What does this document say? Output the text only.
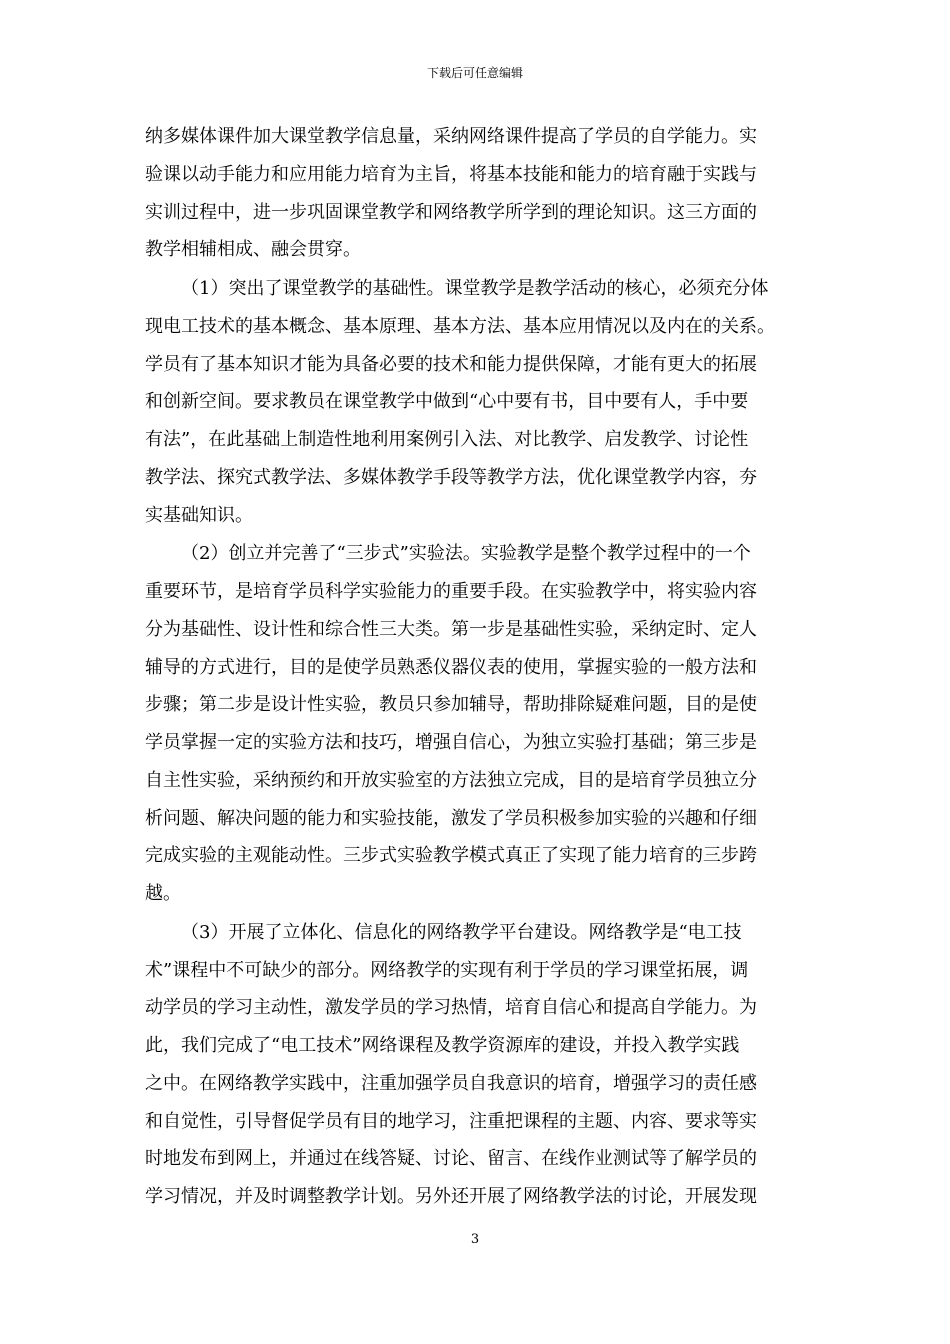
下载后可任意编辑
纳多媒体课件加大课堂教学信息量，采纳网络课件提高了学员的自学能力。实
验课以动手能力和应用能力培育为主旨，将基本技能和能力的培育融于实践与
实训过程中，进一步巩固课堂教学和网络教学所学到的理论知识。这三方面的
教学相辅相成、融会贯穿。
（1）突出了课堂教学的基础性。课堂教学是教学活动的核心，必须充分体
现电工技术的基本概念、基本原理、基本方法、基本应用情况以及内在的关系。
学员有了基本知识才能为具备必要的技术和能力提供保障，才能有更大的拓展
和创新空间。要求教员在课堂教学中做到“心中要有书，目中要有人，手中要
有法”，在此基础上制造性地利用案例引入法、对比教学、启发教学、讨论性
教学法、探究式教学法、多媒体教学手段等教学方法，优化课堂教学内容，夯
实基础知识。
（2）创立并完善了“三步式”实验法。实验教学是整个教学过程中的一个
重要环节，是培育学员科学实验能力的重要手段。在实验教学中，将实验内容
分为基础性、设计性和综合性三大类。第一步是基础性实验，采纳定时、定人
辅导的方式进行，目的是使学员熟悉仪器仪表的使用，掌握实验的一般方法和
步骤；第二步是设计性实验，教员只参加辅导，帮助排除疑难问题，目的是使
学员掌握一定的实验方法和技巧，增强自信心，为独立实验打基础；第三步是
自主性实验，采纳预约和开放实验室的方法独立完成，目的是培育学员独立分
析问题、解决问题的能力和实验技能，激发了学员积极参加实验的兴趣和仔细
完成实验的主观能动性。三步式实验教学模式真正了实现了能力培育的三步跨
越。
（3）开展了立体化、信息化的网络教学平台建设。网络教学是“电工技
术”课程中不可缺少的部分。网络教学的实现有利于学员的学习课堂拓展，调
动学员的学习主动性，激发学员的学习热情，培育自信心和提高自学能力。为
此，我们完成了“电工技术”网络课程及教学资源库的建设，并投入教学实践
之中。在网络教学实践中，注重加强学员自我意识的培育，增强学习的责任感
和自觉性，引导督促学员有目的地学习，注重把课程的主题、内容、要求等实
时地发布到网上，并通过在线答疑、讨论、留言、在线作业测试等了解学员的
学习情况，并及时调整教学计划。另外还开展了网络教学法的讨论，开展发现
3
